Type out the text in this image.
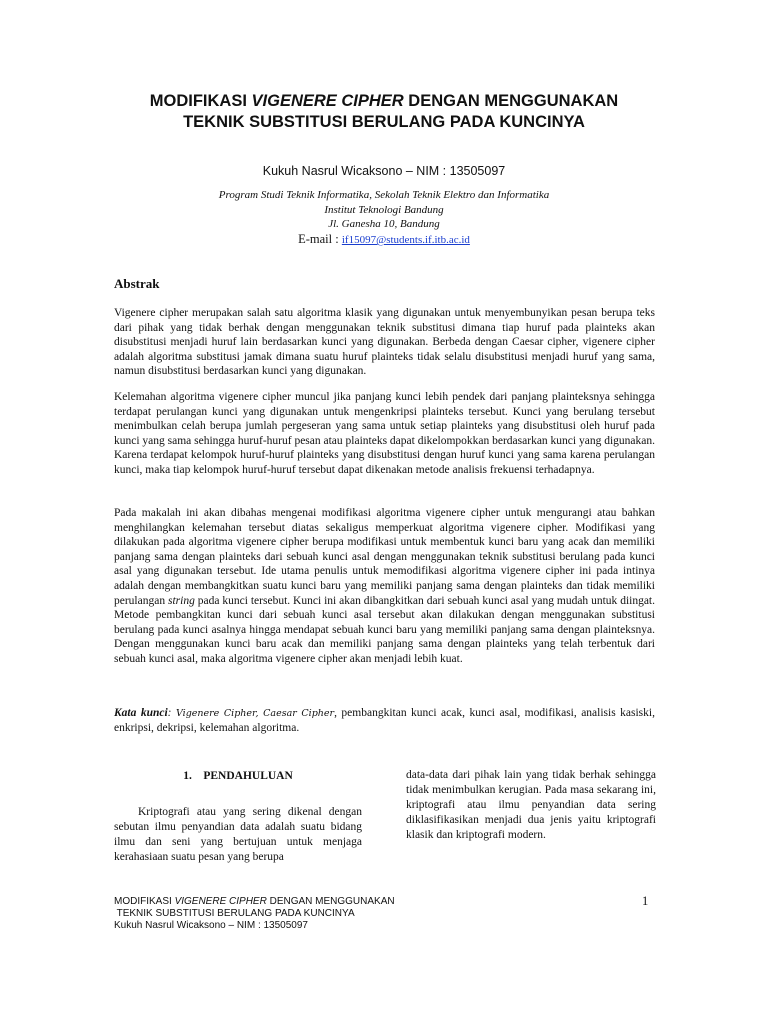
MODIFIKASI VIGENERE CIPHER DENGAN MENGGUNAKAN
TEKNIK SUBSTITUSI BERULANG PADA KUNCINYA
Kukuh Nasrul Wicaksono – NIM : 13505097
Program Studi Teknik Informatika, Sekolah Teknik Elektro dan Informatika
Institut Teknologi Bandung
Jl. Ganesha 10, Bandung
E-mail : if15097@students.if.itb.ac.id
Abstrak

Vigenere cipher merupakan salah satu algoritma klasik yang digunakan untuk menyembunyikan pesan berupa teks dari pihak yang tidak berhak dengan menggunakan teknik substitusi dimana tiap huruf pada plainteks akan disubstitusi menjadi huruf lain berdasarkan kunci yang digunakan. Berbeda dengan Caesar cipher, vigenere cipher adalah algoritma substitusi jamak dimana suatu huruf plainteks tidak selalu disubstitusi menjadi huruf yang sama, namun disubstitusi berdasarkan kunci yang digunakan.

Kelemahan algoritma vigenere cipher muncul jika panjang kunci lebih pendek dari panjang plainteksnya sehingga terdapat perulangan kunci yang digunakan untuk mengenkripsi plainteks tersebut. Kunci yang berulang tersebut menimbulkan celah berupa jumlah pergeseran yang sama untuk setiap plainteks yang disubstitusi oleh huruf pada kunci yang sama sehingga huruf-huruf pesan atau plainteks dapat dikelompokkan berdasarkan kunci yang digunakan. Karena terdapat kelompok huruf-huruf plainteks yang disubstitusi dengan huruf kunci yang sama karena perulangan kunci, maka tiap kelompok huruf-huruf tersebut dapat dikenakan metode analisis frekuensi terhadapnya.

Pada makalah ini akan dibahas mengenai modifikasi algoritma vigenere cipher untuk mengurangi atau bahkan menghilangkan kelemahan tersebut diatas sekaligus memperkuat algoritma vigenere cipher. Modifikasi yang dilakukan pada algoritma vigenere cipher berupa modifikasi untuk membentuk kunci baru yang acak dan memiliki panjang sama dengan plainteks dari sebuah kunci asal dengan menggunakan teknik substitusi berulang pada kunci asal yang digunakan tersebut. Ide utama penulis untuk memodifikasi algoritma vigenere cipher ini pada intinya adalah dengan membangkitkan suatu kunci baru yang memiliki panjang sama dengan plainteks dan tidak memiliki perulangan string pada kunci tersebut. Kunci ini akan dibangkitkan dari sebuah kunci asal yang mudah untuk diingat. Metode pembangkitan kunci dari sebuah kunci asal tersebut akan dilakukan dengan menggunakan substitusi berulang pada kunci asalnya hingga mendapat sebuah kunci baru yang memiliki panjang sama dengan plainteksnya. Dengan menggunakan kunci baru acak dan memiliki panjang sama dengan plainteks yang telah terbentuk dari sebuah kunci asal, maka algoritma vigenere cipher akan menjadi lebih kuat.

Kata kunci: Vigenere Cipher, Caesar Cipher, pembangkitan kunci acak, kunci asal, modifikasi, analisis kasiski, enkripsi, dekripsi, kelemahan algoritma.

1.    PENDAHULUAN

Kriptografi atau yang sering dikenal dengan sebutan ilmu penyandian data adalah suatu bidang ilmu dan seni yang bertujuan untuk menjaga kerahasiaan suatu pesan yang berupa

data-data dari pihak lain yang tidak berhak sehingga tidak menimbulkan kerugian. Pada masa sekarang ini, kriptografi atau ilmu penyandian data sering diklasifikasikan menjadi dua jenis yaitu kriptografi klasik dan kriptografi modern.

MODIFIKASI VIGENERE CIPHER DENGAN MENGGUNAKAN
TEKNIK SUBSTITUSI BERULANG PADA KUNCINYA
Kukuh Nasrul Wicaksono – NIM : 13505097
1
